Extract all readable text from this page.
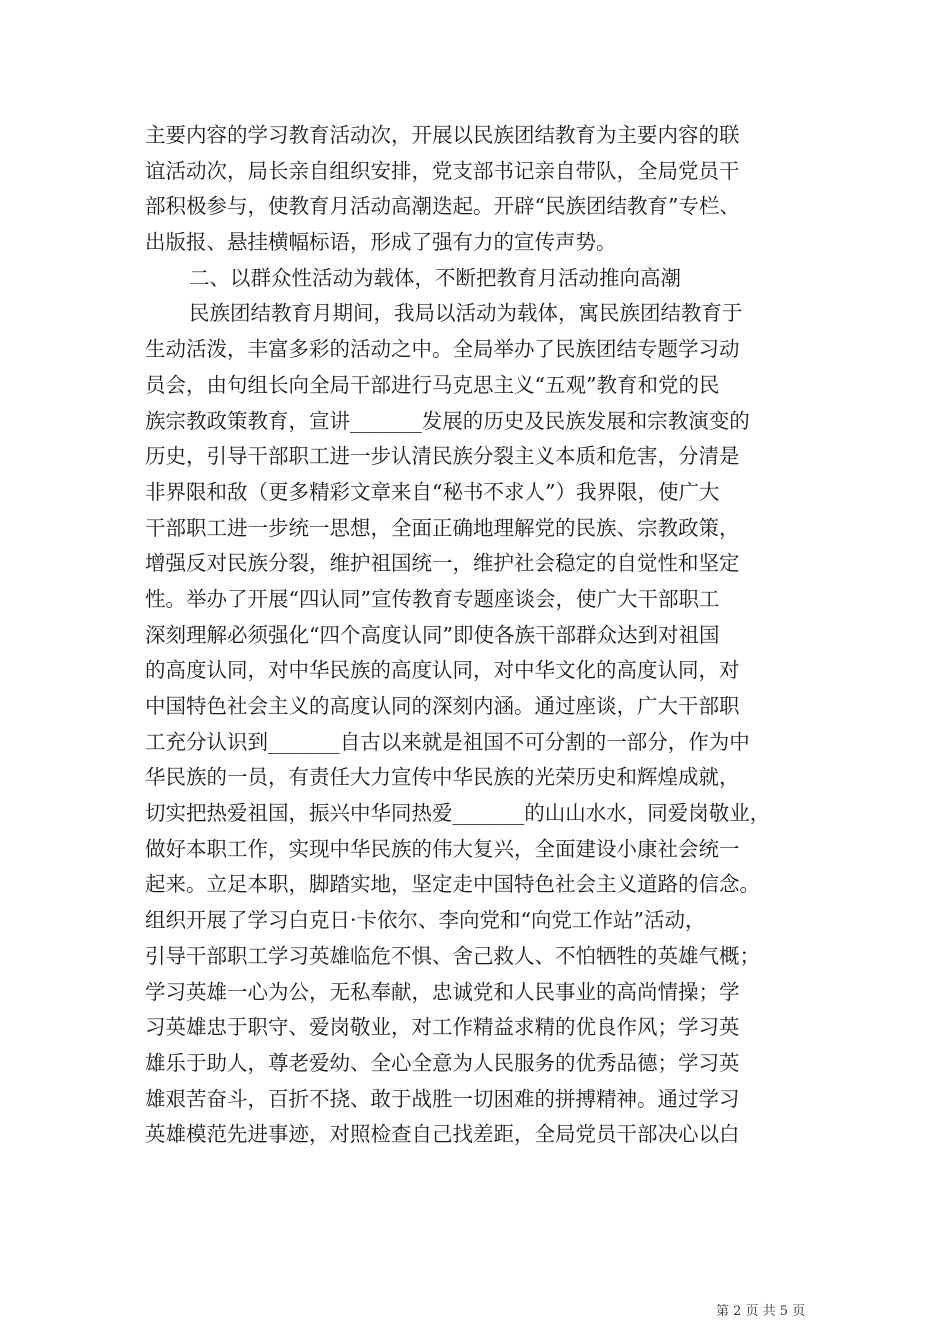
主要内容的学习教育活动次，开展以民族团结教育为主要内容的联
谊活动次，局长亲自组织安排，党支部书记亲自带队，全局党员干
部积极参与，使教育月活动高潮迭起。开辟“民族团结教育”专栏、
出版报、悬挂横幅标语，形成了强有力的宣传声势。
二、以群众性活动为载体，不断把教育月活动推向高潮
民族团结教育月期间，我局以活动为载体，寓民族团结教育于
生动活泼，丰富多彩的活动之中。全局举办了民族团结专题学习动
员会，由句组长向全局干部进行马克思主义“五观”教育和党的民
族宗教政策教育，宣讲_______发展的历史及民族发展和宗教演变的
历史，引导干部职工进一步认清民族分裂主义本质和危害，分清是
非界限和敌（更多精彩文章来自“秘书不求人”）我界限，使广大
干部职工进一步统一思想，全面正确地理解党的民族、宗教政策，
增强反对民族分裂，维护祖国统一，维护社会稳定的自觉性和坚定
性。举办了开展“四认同”宣传教育专题座谈会，使广大干部职工
深刻理解必须强化“四个高度认同”即使各族干部群众达到对祖国
的高度认同，对中华民族的高度认同，对中华文化的高度认同，对
中国特色社会主义的高度认同的深刻内涵。通过座谈，广大干部职
工充分认识到_______自古以来就是祖国不可分割的一部分，作为中
华民族的一员，有责任大力宣传中华民族的光荣历史和辉煌成就，
切实把热爱祖国，振兴中华同热爱_______的山山水水，同爱岗敬业，
做好本职工作，实现中华民族的伟大复兴，全面建设小康社会统一
起来。立足本职，脚踏实地，坚定走中国特色社会主义道路的信念。
组织开展了学习白克日·卡依尔、李向党和“向党工作站”活动，
引导干部职工学习英雄临危不惧、舍己救人、不怕牺牲的英雄气概；
学习英雄一心为公，无私奉献，忠诚党和人民事业的高尚情操；学
习英雄忠于职守、爱岗敬业，对工作精益求精的优良作风；学习英
雄乐于助人，尊老爱幼、全心全意为人民服务的优秀品德；学习英
雄艰苦奋斗，百折不挠、敢于战胜一切困难的拼搏精神。通过学习
英雄模范先进事迹，对照检查自己找差距，全局党员干部决心以白
第 2 页 共 5 页
